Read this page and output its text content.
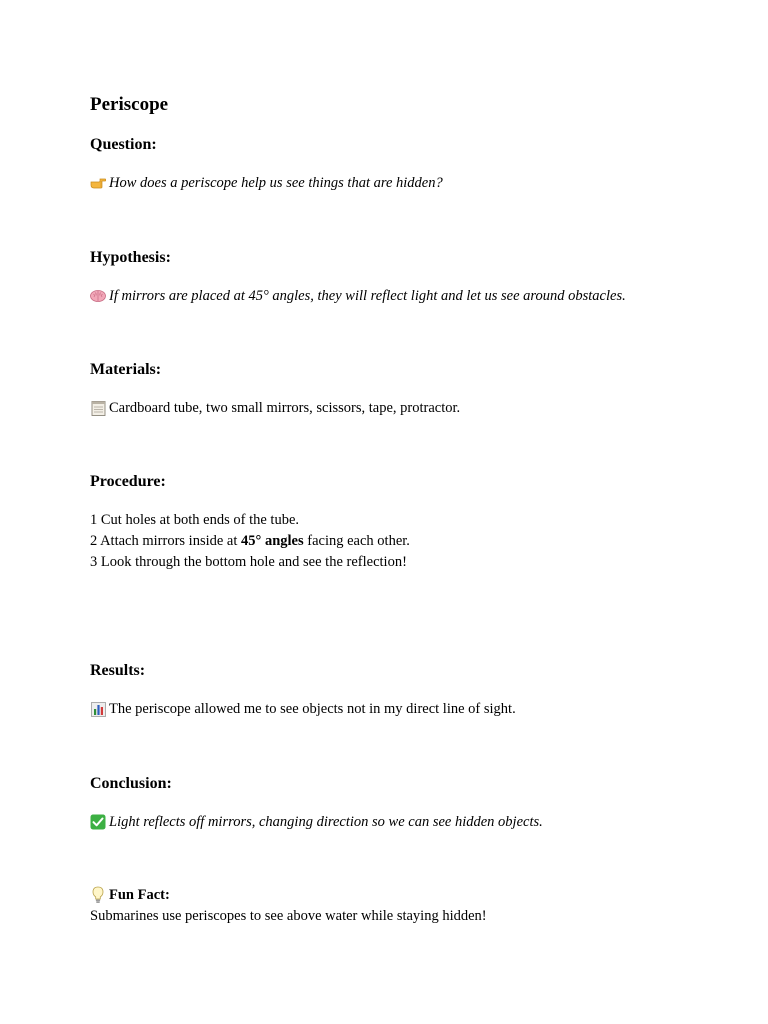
Periscope
Question:
How does a periscope help us see things that are hidden?
Hypothesis:
If mirrors are placed at 45° angles, they will reflect light and let us see around obstacles.
Materials:
Cardboard tube, two small mirrors, scissors, tape, protractor.
Procedure:
1 Cut holes at both ends of the tube.
2 Attach mirrors inside at 45° angles facing each other.
3 Look through the bottom hole and see the reflection!
Results:
The periscope allowed me to see objects not in my direct line of sight.
Conclusion:
Light reflects off mirrors, changing direction so we can see hidden objects.
Fun Fact:
Submarines use periscopes to see above water while staying hidden!
